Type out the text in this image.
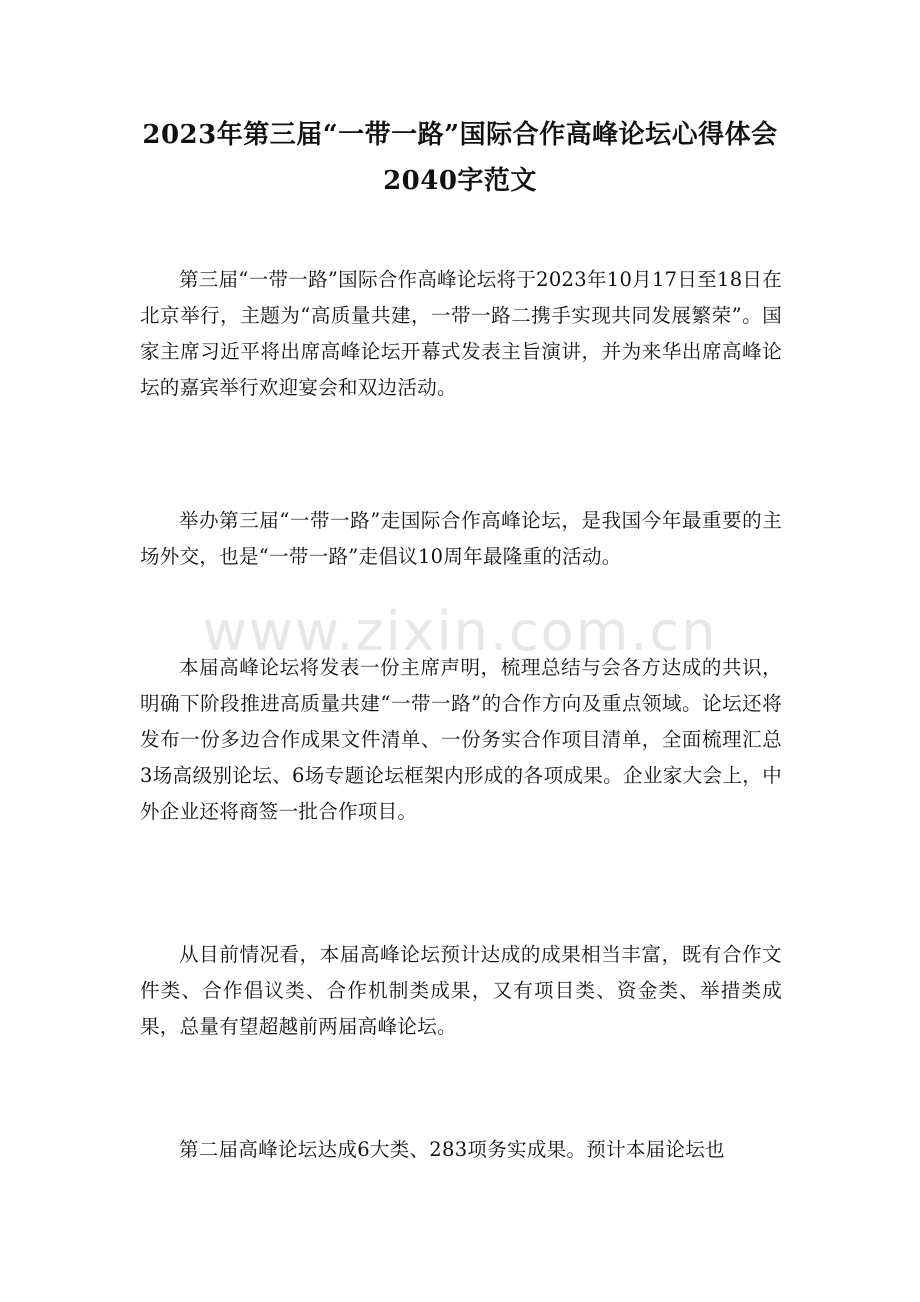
2023年第三届“一带一路”国际合作高峰论坛心得体会2040字范文

第三届“一带一路”国际合作高峰论坛将于2023年10月17日至18日在北京举行，主题为“高质量共建，一带一路二携手实现共同发展繁荣”。国家主席习近平将出席高峰论坛开幕式发表主旨演讲，并为来华出席高峰论坛的嘉宾举行欢迎宴会和双边活动。

举办第三届“一带一路”走国际合作高峰论坛，是我国今年最重要的主场外交，也是“一带一路”走倡议10周年最隆重的活动。

本届高峰论坛将发表一份主席声明，梳理总结与会各方达成的共识，明确下阶段推进高质量共建“一带一路”的合作方向及重点领域。论坛还将发布一份多边合作成果文件清单、一份务实合作项目清单，全面梳理汇总3场高级别论坛、6场专题论坛框架内形成的各项成果。企业家大会上，中外企业还将商签一批合作项目。

从目前情况看，本届高峰论坛预计达成的成果相当丰富，既有合作文件类、合作倡议类、合作机制类成果，又有项目类、资金类、举措类成果，总量有望超越前两届高峰论坛。

第二届高峰论坛达成6大类、283项务实成果。预计本届论坛也

www.zixin.com.cn
